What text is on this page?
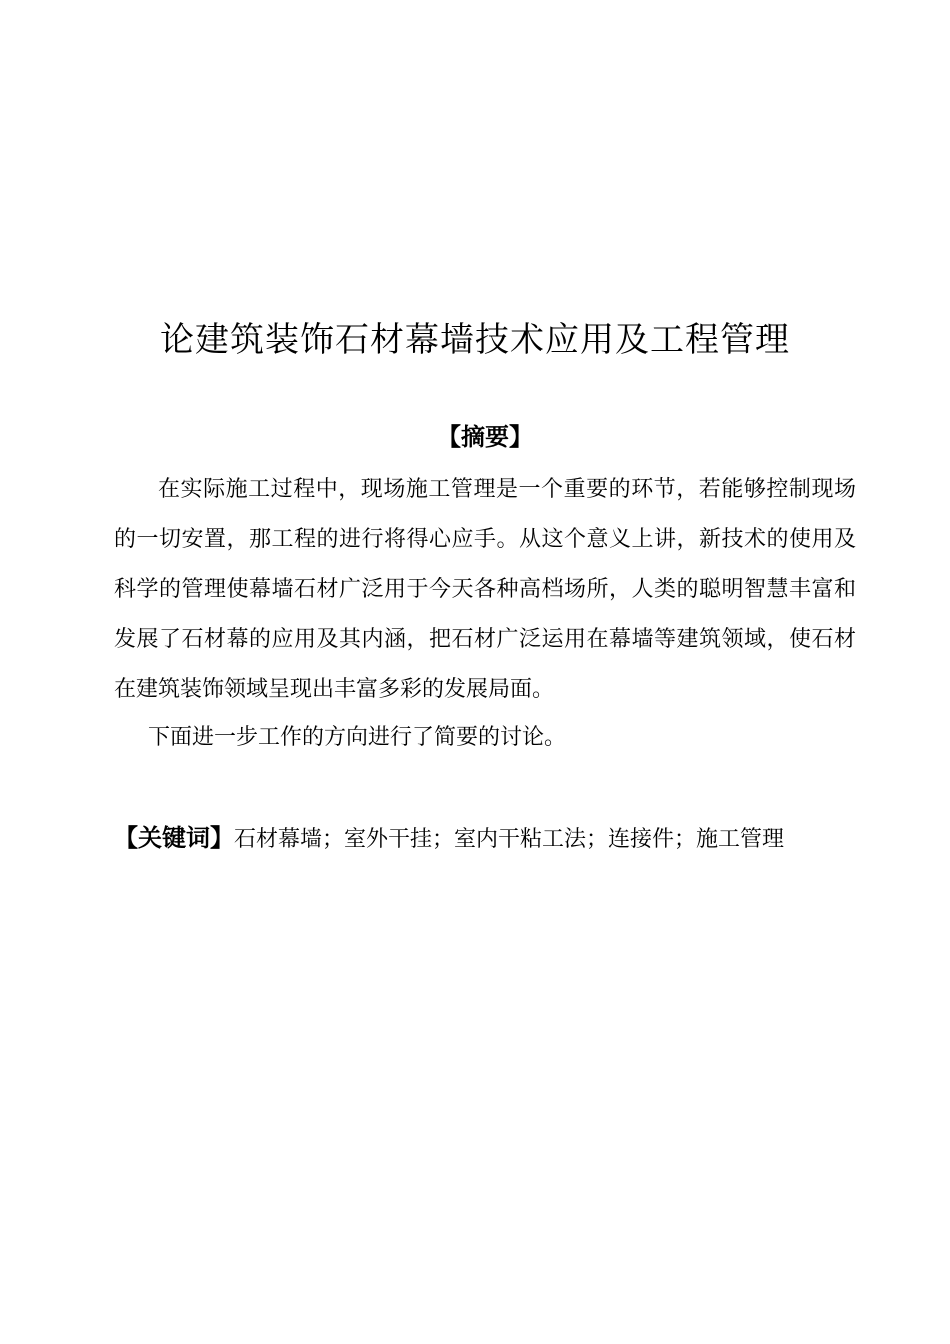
论建筑装饰石材幕墙技术应用及工程管理
【摘要】
在实际施工过程中，现场施工管理是一个重要的环节，若能够控制现场
的一切安置，那工程的进行将得心应手。从这个意义上讲，新技术的使用及
科学的管理使幕墙石材广泛用于今天各种高档场所，人类的聪明智慧丰富和
发展了石材幕的应用及其内涵，把石材广泛运用在幕墙等建筑领域，使石材
在建筑装饰领域呈现出丰富多彩的发展局面。
下面进一步工作的方向进行了简要的讨论。
【关键词】石材幕墙；室外干挂；室内干粘工法；连接件；施工管理
